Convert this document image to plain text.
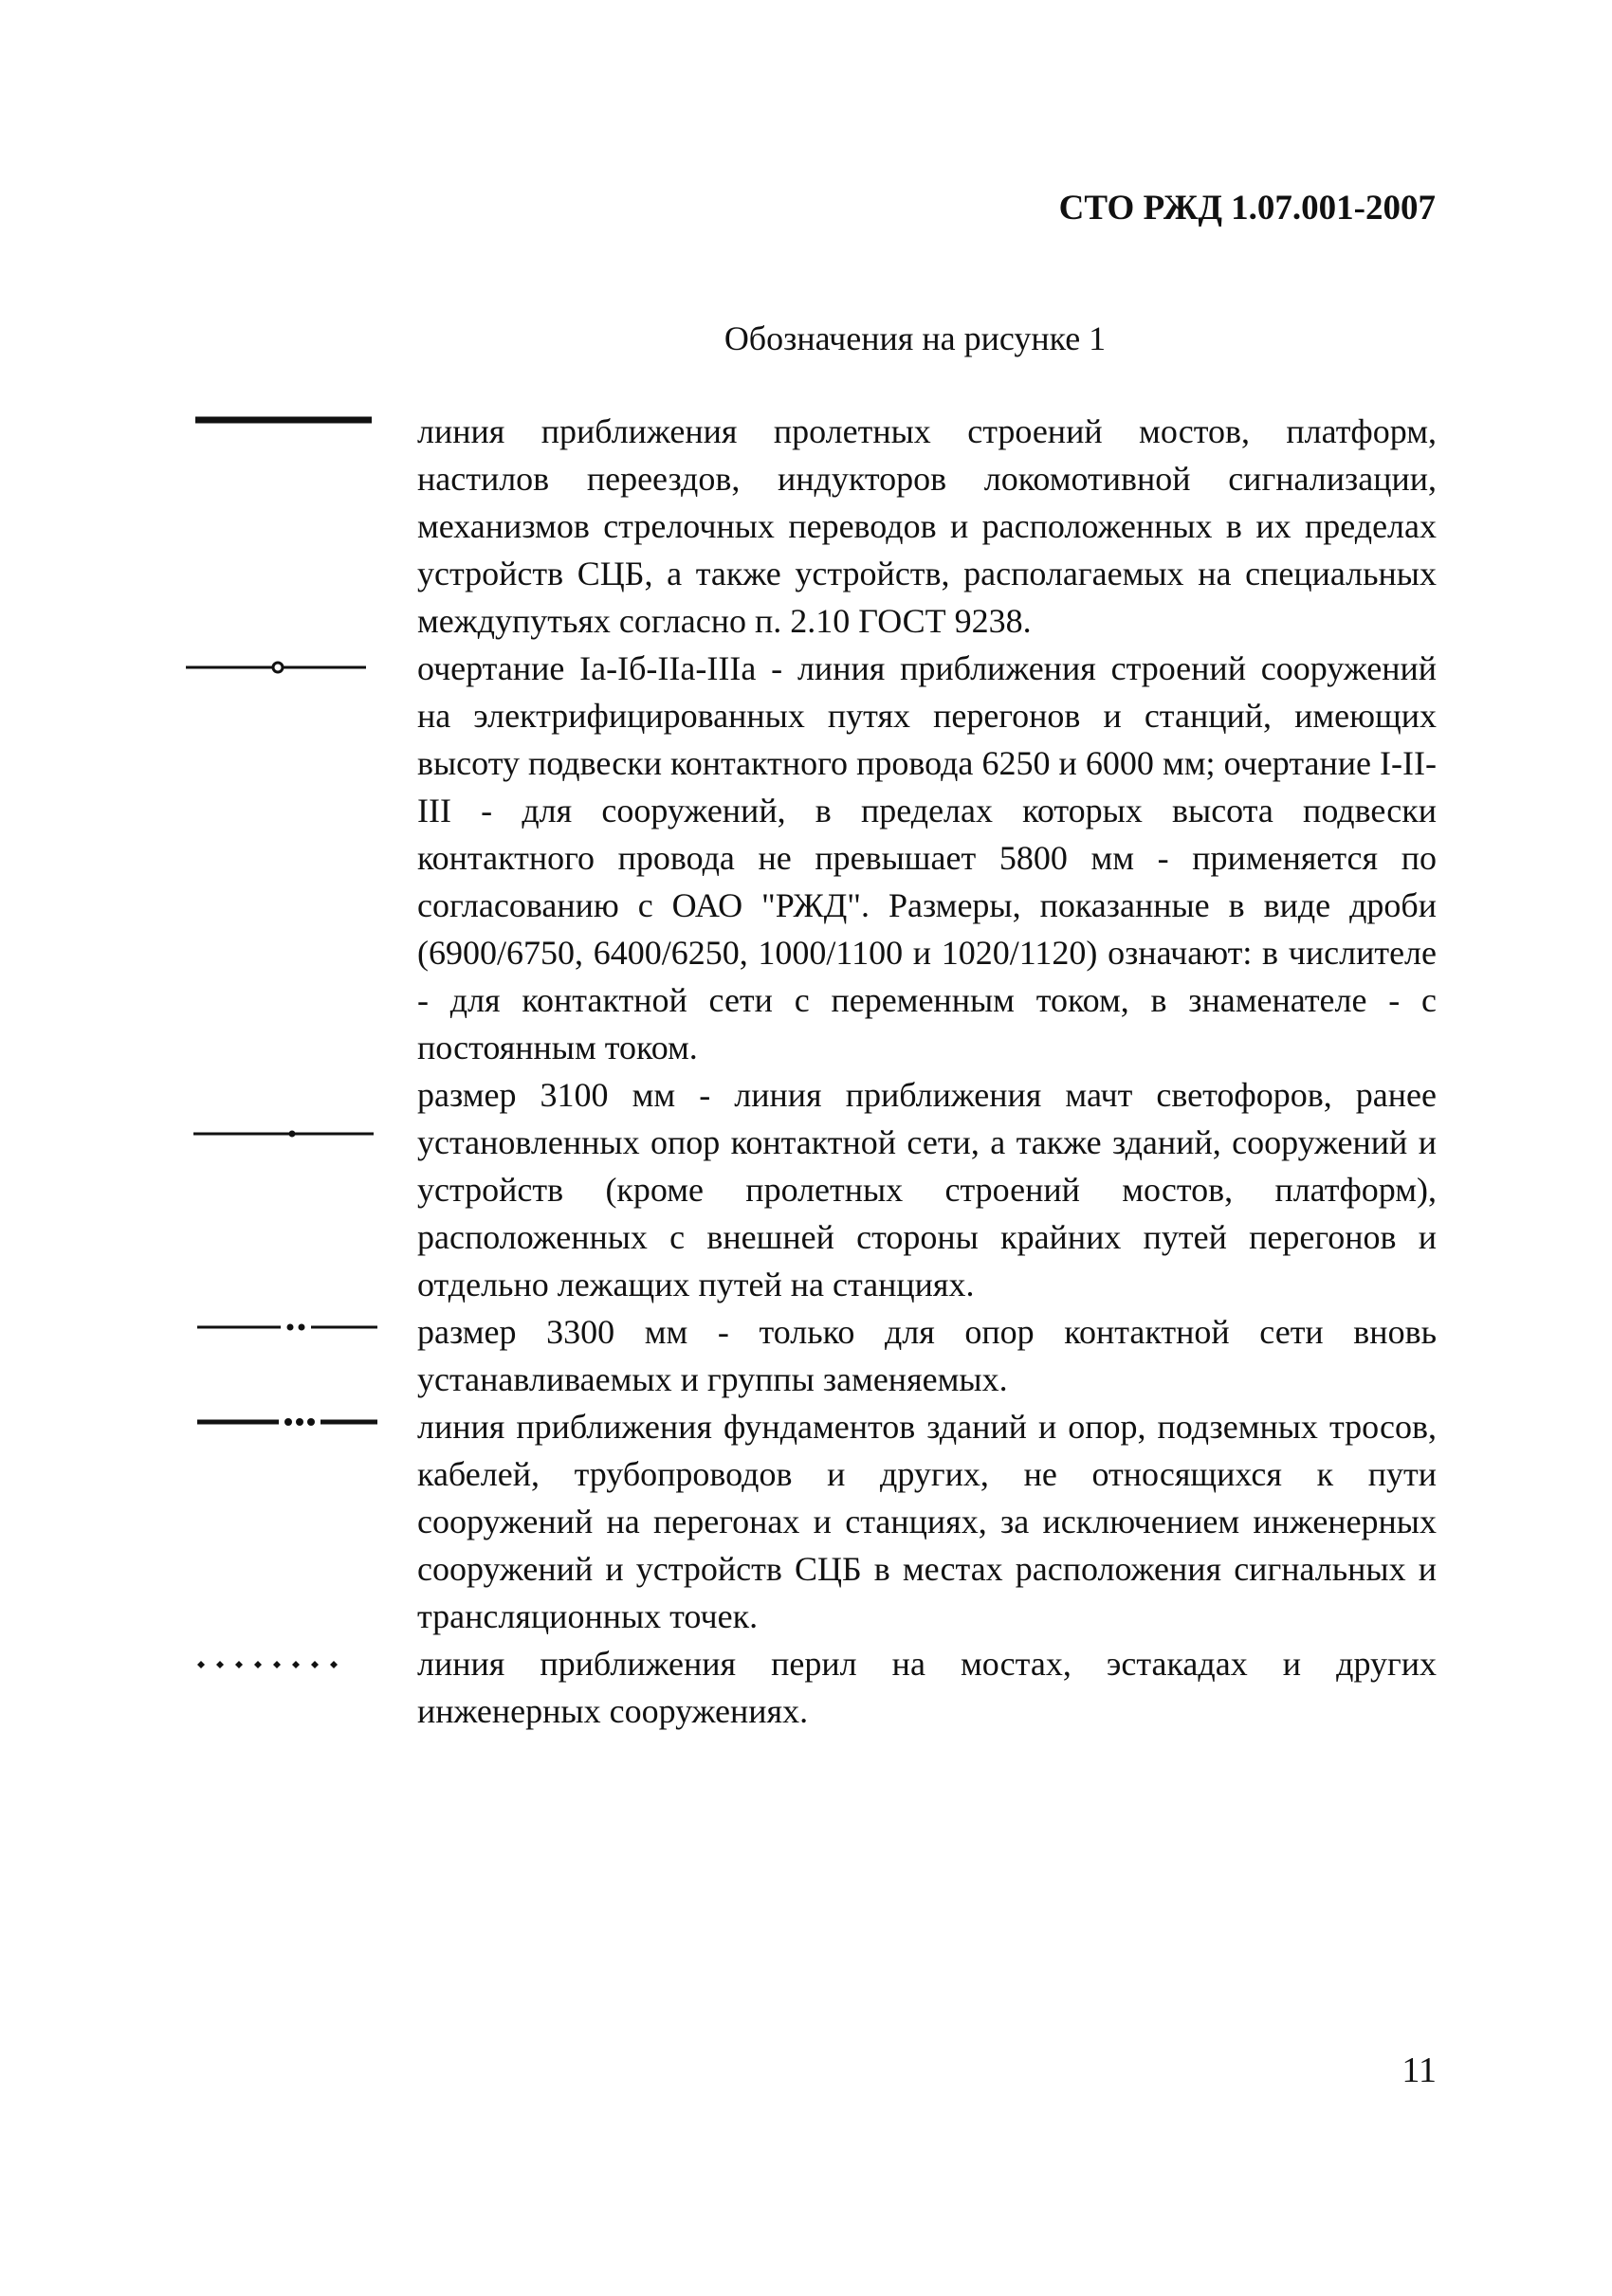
СТО РЖД 1.07.001-2007
Обозначения на рисунке 1
линия приближения пролетных строений мостов, платформ, настилов переездов, индукторов локомотивной сигнализации, механизмов стрелочных переводов и расположенных в их пределах устройств СЦБ, а также устройств, располагаемых на специальных междупутьях согласно п. 2.10 ГОСТ 9238.
очертание Iа-Iб-IIа-IIIа - линия приближения строений сооружений на электрифицированных путях перегонов и станций, имеющих высоту подвески контактного провода 6250 и 6000 мм; очертание I-II-III - для сооружений, в пределах которых высота подвески контактного провода не превышает 5800 мм - применяется по согласованию с ОАО "РЖД". Размеры, показанные в виде дроби (6900/6750, 6400/6250, 1000/1100 и 1020/1120) означают: в числителе - для контактной сети с переменным током, в знаменателе - с постоянным током.
размер 3100 мм - линия приближения мачт светофоров, ранее установленных опор контактной сети, а также зданий, сооружений и устройств (кроме пролетных строений мостов, платформ), расположенных с внешней стороны крайних путей перегонов и отдельно лежащих путей на станциях.
размер 3300 мм - только для опор контактной сети вновь устанавливаемых и группы заменяемых.
линия приближения фундаментов зданий и опор, подземных тросов, кабелей, трубопроводов и других, не относящихся к пути сооружений на перегонах и станциях, за исключением инженерных сооружений и устройств СЦБ в местах расположения сигнальных и трансляционных точек.
линия приближения перил на мостах, эстакадах и других инженерных сооружениях.
11
